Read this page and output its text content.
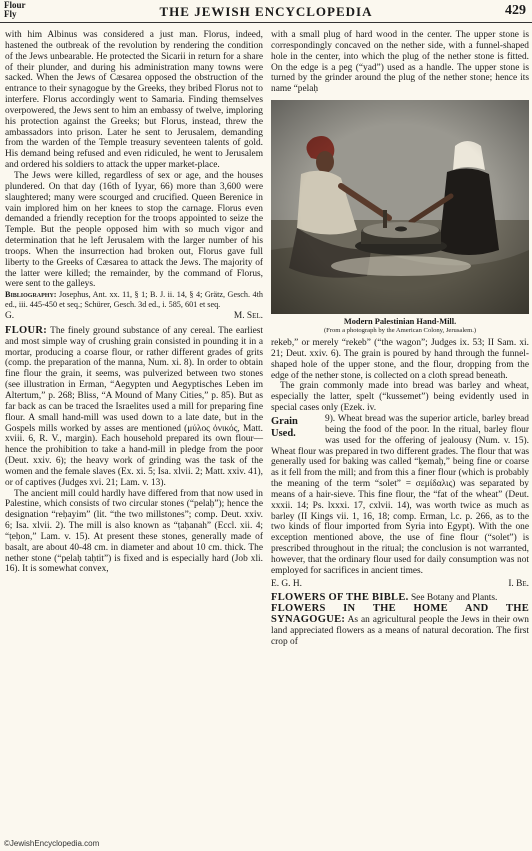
Flour
Fly	THE JEWISH ENCYCLOPEDIA	429

with him Albinus was considered a just man. Florus, indeed, hastened the outbreak of the revolution by rendering the condition of the Jews unbearable. He protected the Sicarii in return for a share of their plunder, and during his administration many towns were sacked. When the Jews of Cæsarea opposed the obstruction of the entrance to their synagogue by the Greeks, they bribed Florus not to interfere. Florus accordingly went to Samaria. Finding themselves overpowered, the Jews sent to him an embassy of twelve, imploring his protection against the Greeks; but Florus, instead, threw the ambassadors into prison. Later he sent to Jerusalem, demanding from the warden of the Temple treasury seventeen talents of gold. His demand being refused and even ridiculed, he went to Jerusalem and ordered his soldiers to attack the upper market-place.

The Jews were killed, regardless of sex or age, and the houses plundered. On that day (16th of Iyyar, 66) more than 3,600 were slaughtered; many were scourged and crucified. Queen Berenice in vain implored him on her knees to stop the carnage. Florus even demanded a friendly reception for the troops appointed to seize the Temple. But the people opposed him with so much vigor and determination that he left Jerusalem with the larger number of his troops. When the insurrection had broken out, Florus gave full liberty to the Greeks of Cæsarea to attack the Jews. The majority of the latter were killed; the remainder, by the command of Florus, were sent to the galleys.

Bibliography: Josephus, Ant. xx. 11, § 1; B. J. ii. 14, § 4; Grätz, Gesch. 4th ed., iii. 445-450 et seq.; Schürer, Gesch. 3d ed., i. 585, 601 et seq.

G.	M. Sel.

FLOUR: The finely ground substance of any cereal. The earliest and most simple way of crushing grain consisted in pounding it in a mortar, producing a coarse flour, or rather different grades of grits (comp. the preparation of the manna, Num. xi. 8). In order to obtain fine flour the grain, it seems, was pulverized between two stones (see illustration in Erman, “Aegypten und Aegyptisches Leben im Altertum,” p. 268; Bliss, “A Mound of Many Cities,” p. 85). But as far back as can be traced the Israelites used a mill for preparing fine flour. A small hand-mill was used down to a late date, but in the Gospels mills worked by asses are mentioned (μύλος ὀνικός, Matt. xviii. 6, R. V., margin). Each household prepared its own flour—hence the prohibition to take a hand-mill in pledge from the poor (Deut. xxiv. 6); the heavy work of grinding was the task of the women and the female slaves (Ex. xi. 5; Isa. xlvii. 2; Matt. xxiv. 41), or of captives (Judges xvi. 21; Lam. v. 13).

The ancient mill could hardly have differed from that now used in Palestine, which consists of two circular stones (“pelaḥ”); hence the designation “reḥayim” (lit. “the two millstones”; comp. Deut. xxiv. 6; Isa. xlvii. 2). The mill is also known as “ṭaḥanah” (Eccl. xii. 4; “ṭeḥon,” Lam. v. 15). At present these stones, generally made of basalt, are about 40-48 cm. in diameter and about 10 cm. thick. The nether stone (“pelaḥ taḥtit”) is fixed and is especially hard (Job xli. 16). It is somewhat convex,

with a small plug of hard wood in the center. The upper stone is correspondingly concaved on the nether side, with a funnel-shaped hole in the center, into which the plug of the nether stone is fitted. On the edge is a peg (“yad”) used as a handle. The upper stone is turned by the grinder around the plug of the nether stone; hence its name “pelaḥ

Modern Palestinian Hand-Mill.
(From a photograph by the American Colony, Jerusalem.)

rekeb,” or merely “rekeb” (“the wagon”; Judges ix. 53; II Sam. xi. 21; Deut. xxiv. 6). The grain is poured by hand through the funnel-shaped hole of the upper stone, and the flour, dropping from the edge of the nether stone, is collected on a cloth spread beneath.

The grain commonly made into bread was barley and wheat, especially the latter, spelt (“kussemet”) being evidently used in special cases only (Ezek. iv.

Grain Used.
9). Wheat bread was the superior article, barley bread being the food of the poor. In the ritual, barley flour was used for the offering of jealousy (Num. v. 15). Wheat flour was prepared in two different grades. The flour that was generally used for baking was called “ḳemaḥ,” being fine or coarse as it fell from the mill; and from this a finer flour (which is probably the meaning of the term “solet” = σεμίδαλις) was separated by means of a hair-sieve. This fine flour, the “fat of the wheat” (Deut. xxxii. 14; Ps. lxxxi. 17, cxlvii. 14), was worth twice as much as barley (II Kings vii. 1, 16, 18; comp. Erman, l.c. p. 266, as to the two kinds of flour imported from Syria into Egypt). With the one exception mentioned above, the use of fine flour (“solet”) is prescribed throughout in the ritual; the conclusion is not warranted, however, that the ordinary flour used for daily consumption was not employed for sacrifices in ancient times.

E. G. H.	I. Be.

FLOWERS OF THE BIBLE. See Botany and Plants.

FLOWERS IN THE HOME AND THE SYNAGOGUE: As an agricultural people the Jews in their own land appreciated flowers as a means of natural decoration. The first crop of

©JewishEncyclopedia.com
